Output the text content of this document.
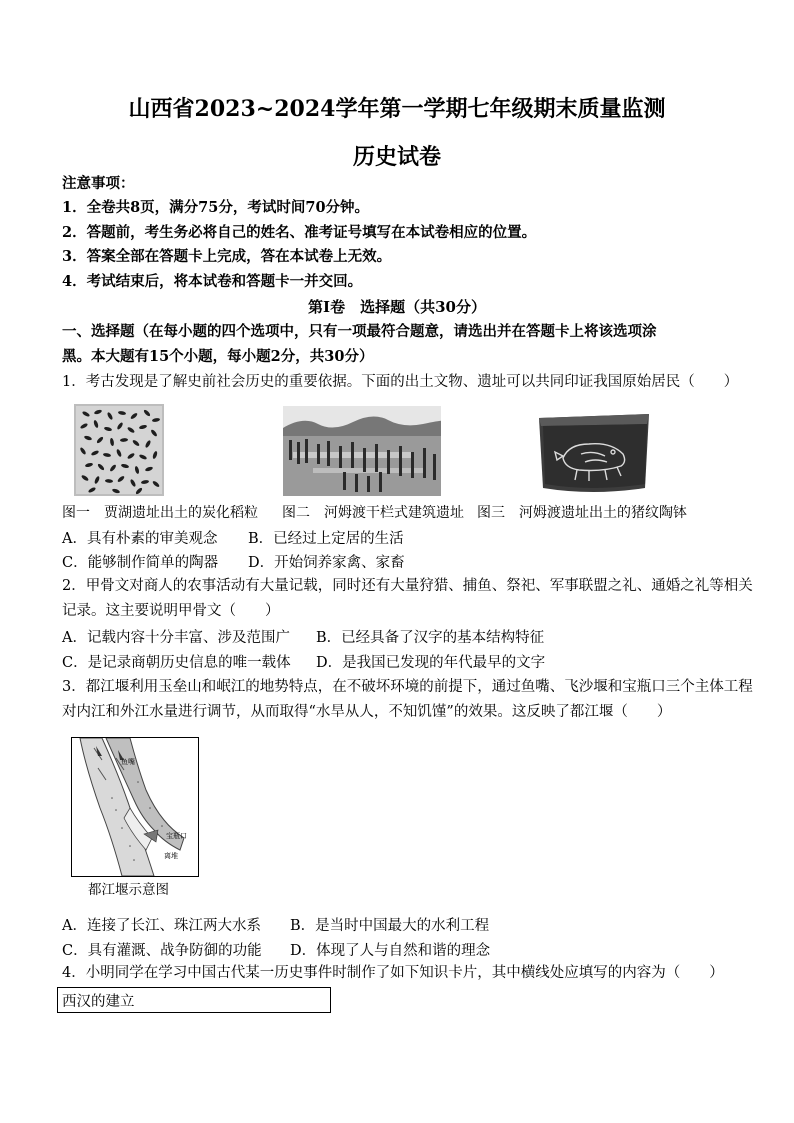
山西省2023~2024学年第一学期七年级期末质量监测
历史试卷
注意事项：
1．全卷共8页，满分75分，考试时间70分钟。
2．答题前，考生务必将自己的姓名、准考证号填写在本试卷相应的位置。
3．答案全部在答题卡上完成，答在本试卷上无效。
4．考试结束后，将本试卷和答题卡一并交回。
第Ⅰ卷　选择题（共30分）
一、选择题（在每小题的四个选项中，只有一项最符合题意，请选出并在答题卡上将该选项涂
黑。本大题有15个小题，每小题2分，共30分）
1．考古发现是了解史前社会历史的重要依据。下面的出土文物、遗址可以共同印证我国原始居民（　　）
图一　贾湖遗址出土的炭化稻粒 图二　河姆渡干栏式建筑遗址 图三　河姆渡遗址出土的猪纹陶钵
A．具有朴素的审美观念 B．已经过上定居的生活
C．能够制作简单的陶器 D．开始饲养家禽、家畜
2．甲骨文对商人的农事活动有大量记载，同时还有大量狩猎、捕鱼、祭祀、军事联盟之礼、通婚之礼等相关
记录。这主要说明甲骨文（　　）
A．记载内容十分丰富、涉及范围广 B．已经具备了汉字的基本结构特征
C．是记录商朝历史信息的唯一载体 D．是我国已发现的年代最早的文字
3．都江堰利用玉垒山和岷江的地势特点，在不破坏环境的前提下，通过鱼嘴、飞沙堰和宝瓶口三个主体工程
对内江和外江水量进行调节，从而取得“水旱从人，不知饥馑”的效果。这反映了都江堰（　　）
鱼嘴
宝瓶口
离堆
都江堰示意图
A．连接了长江、珠江两大水系 B．是当时中国最大的水利工程
C．具有灌溉、战争防御的功能 D．体现了人与自然和谐的理念
4．小明同学在学习中国古代某一历史事件时制作了如下知识卡片，其中横线处应填写的内容为（　　）
西汉的建立
